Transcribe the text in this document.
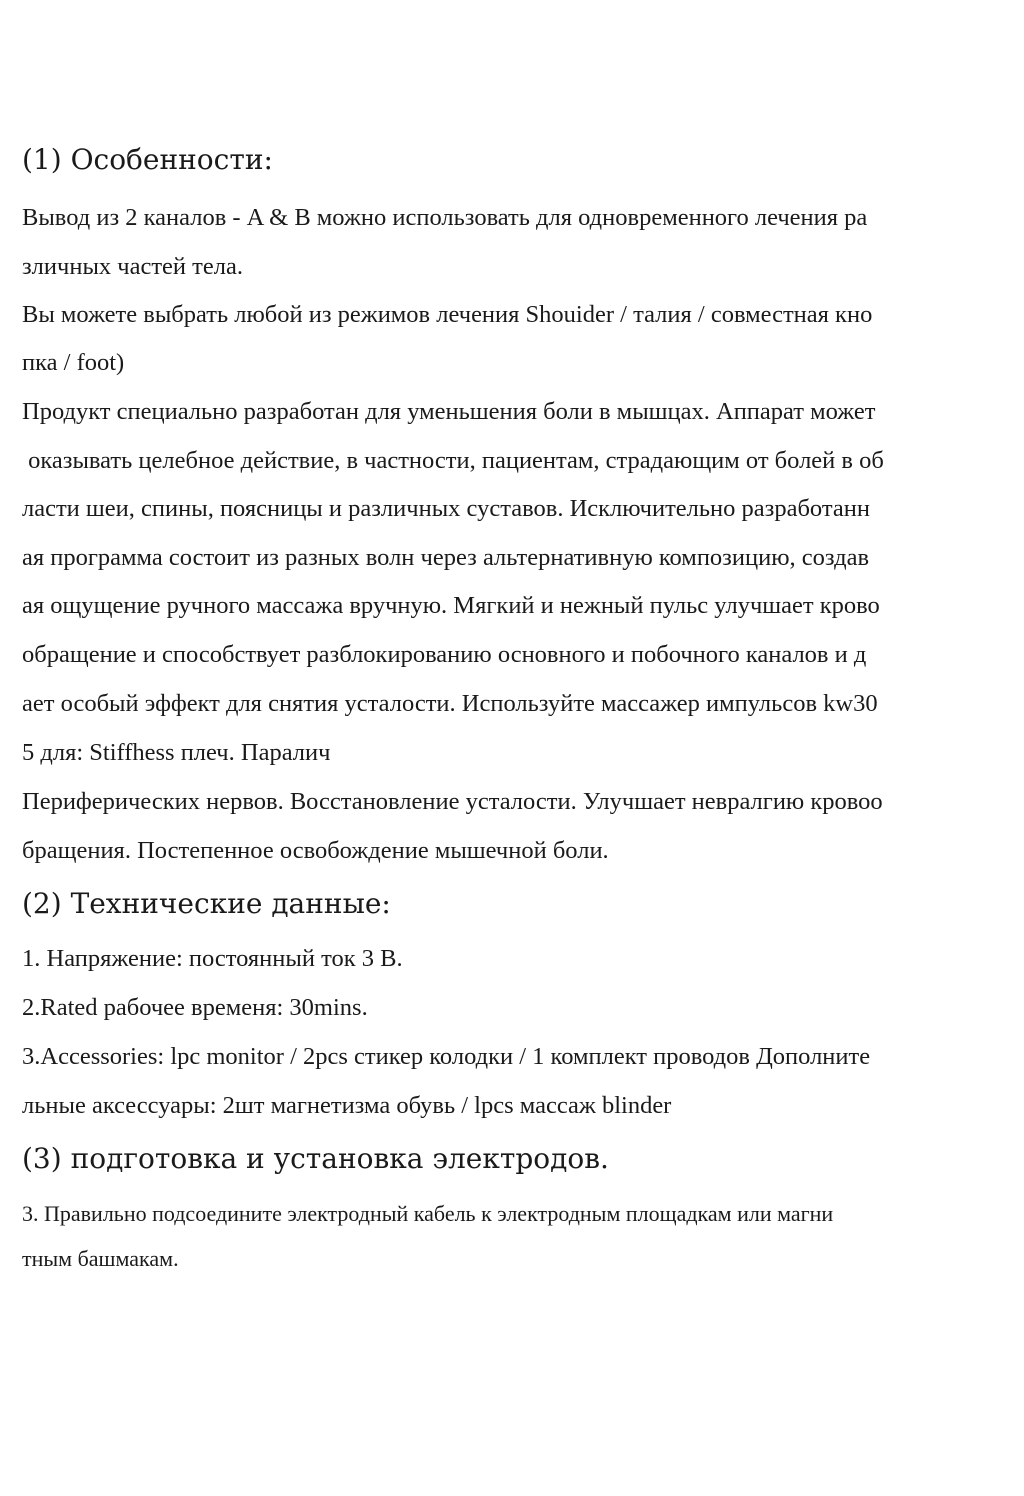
(1) Особенности:

Вывод из 2 каналов - A & B можно использовать для одновременного лечения ра

зличных частей тела.

Вы можете выбрать любой из режимов лечения Shouider / талия / совместная кно

пка / foot)

Продукт специально разработан для уменьшения боли в мышцах. Аппарат может

оказывать целебное действие, в частности, пациентам, страдающим от болей в об

ласти шеи, спины, поясницы и различных суставов. Исключительно разработанн

ая программа состоит из разных волн через альтернативную композицию, создав

ая ощущение ручного массажа вручную. Мягкий и нежный пульс улучшает крово

обращение и способствует разблокированию основного и побочного каналов и д

ает особый эффект для снятия усталости. Используйте массажер импульсов kw30

5 для: Stiffhess плеч. Паралич

Периферических нервов. Восстановление усталости. Улучшает невралгию кровоо

бращения. Постепенное освобождение мышечной боли.

(2) Технические данные:

1. Напряжение: постоянный ток 3 В.

2.Rated рабочее временя: 30mins.

3.Accessories: lpc monitor / 2pcs стикер колодки / 1 комплект проводов Дополните

льные аксессуары: 2шт магнетизма обувь / lpcs массаж blinder

(3) подготовка и установка электродов.

3. Правильно подсоедините электродный кабель к электродным площадкам или магни

тным башмакам.
